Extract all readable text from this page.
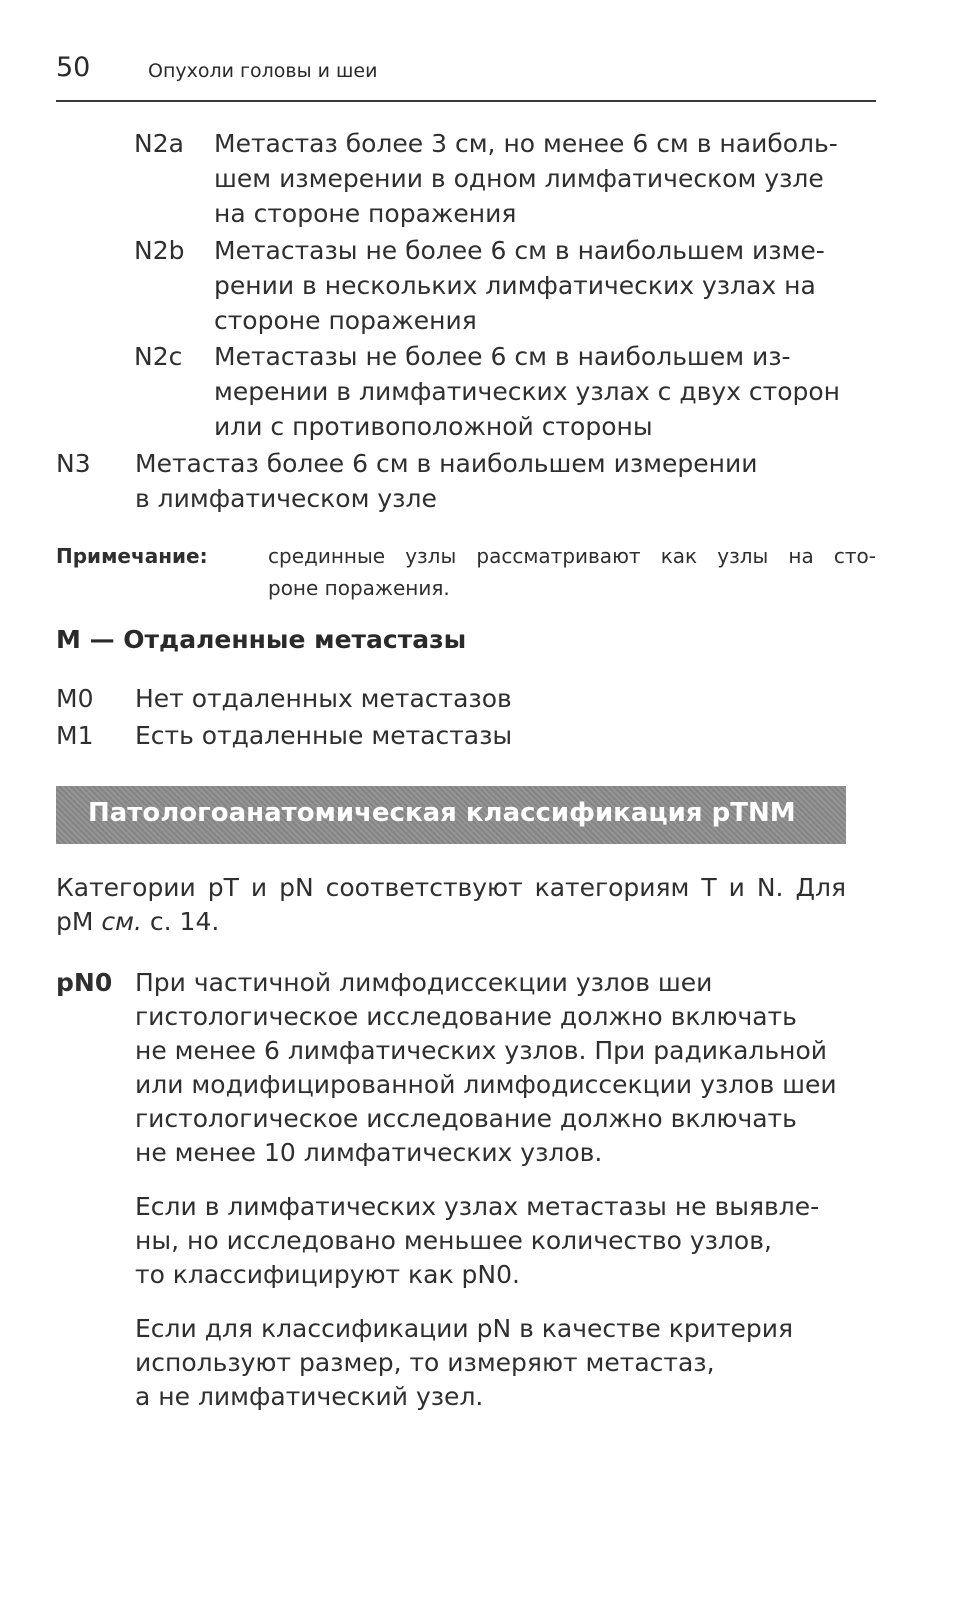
50	Опухоли головы и шеи
N2a Метастаз более 3 см, но менее 6 см в наиболь-
шем измерении в одном лимфатическом узле
на стороне поражения
N2b Метастазы не более 6 см в наибольшем изме-
рении в нескольких лимфатических узлах на
стороне поражения
N2c Метастазы не более 6 см в наибольшем из-
мерении в лимфатических узлах с двух сторон
или с противоположной стороны
N3 Метастаз более 6 см в наибольшем измерении
в лимфатическом узле
Примечание:	срединные узлы рассматривают как узлы на сто-
роне поражения.
M — Отдаленные метастазы
M0 Нет отдаленных метастазов
M1 Есть отдаленные метастазы
Патологоанатомическая классификация pTNM
Категории pT и pN соответствуют категориям T и N. Для
pM см. с. 14.
pN0 При частичной лимфодиссекции узлов шеи
гистологическое исследование должно включать
не менее 6 лимфатических узлов. При радикальной
или модифицированной лимфодиссекции узлов шеи
гистологическое исследование должно включать
не менее 10 лимфатических узлов.
Если в лимфатических узлах метастазы не выявле-
ны, но исследовано меньшее количество узлов,
то классифицируют как pN0.
Если для классификации pN в качестве критерия
используют размер, то измеряют метастаз,
а не лимфатический узел.
